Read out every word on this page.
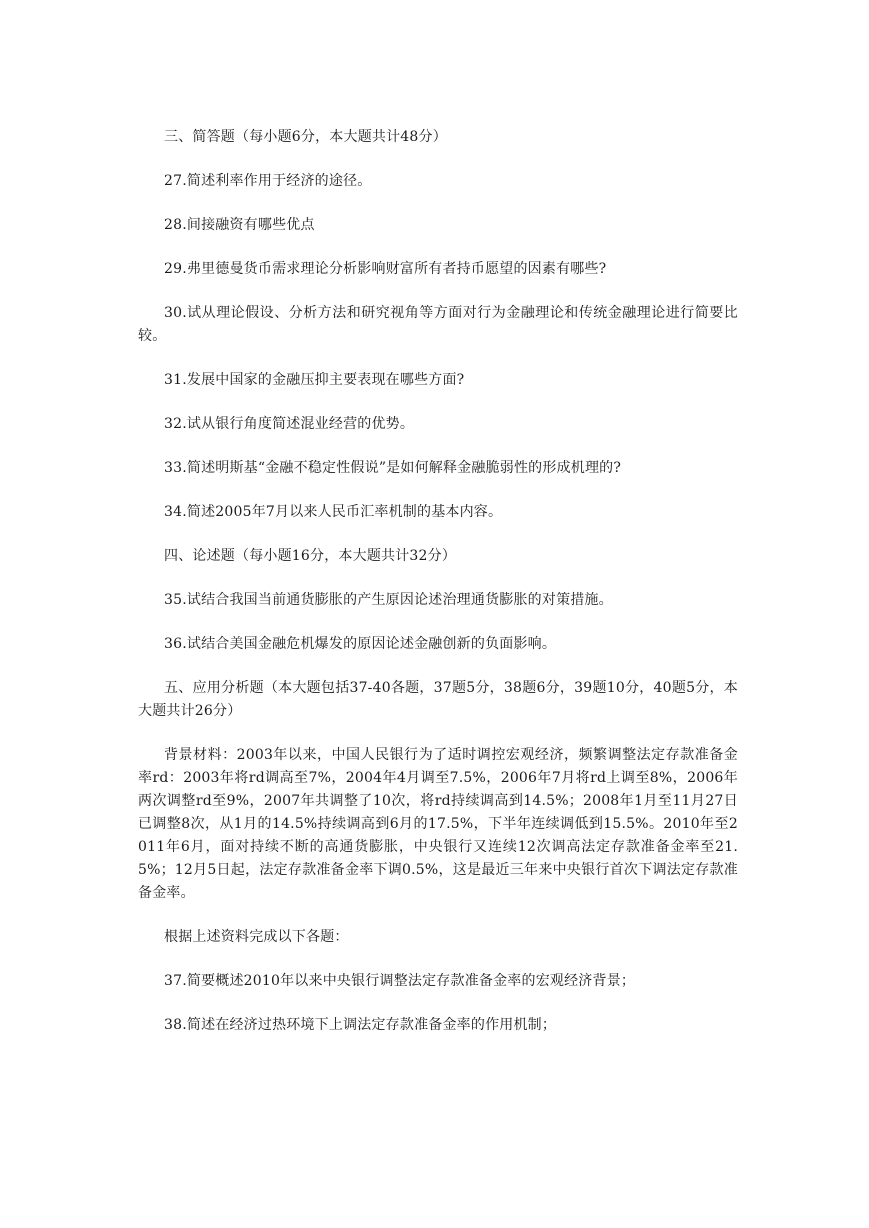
三、简答题（每小题6分，本大题共计48分）

27.简述利率作用于经济的途径。

28.间接融资有哪些优点

29.弗里德曼货币需求理论分析影响财富所有者持币愿望的因素有哪些?

30.试从理论假设、分析方法和研究视角等方面对行为金融理论和传统金融理论进行简要比较。

31.发展中国家的金融压抑主要表现在哪些方面?

32.试从银行角度简述混业经营的优势。

33.简述明斯基“金融不稳定性假说”是如何解释金融脆弱性的形成机理的?

34.简述2005年7月以来人民币汇率机制的基本内容。

四、论述题（每小题16分，本大题共计32分）

35.试结合我国当前通货膨胀的产生原因论述治理通货膨胀的对策措施。

36.试结合美国金融危机爆发的原因论述金融创新的负面影响。

五、应用分析题（本大题包括37-40各题，37题5分，38题6分，39题10分，40题5分，本大题共计26分）

背景材料：2003年以来，中国人民银行为了适时调控宏观经济，频繁调整法定存款准备金率rd：2003年将rd调高至7%，2004年4月调至7.5%，2006年7月将rd上调至8%，2006年两次调整rd至9%，2007年共调整了10次，将rd持续调高到14.5%；2008年1月至11月27日已调整8次，从1月的14.5%持续调高到6月的17.5%，下半年连续调低到15.5%。2010年至2011年6月，面对持续不断的高通货膨胀，中央银行又连续12次调高法定存款准备金率至21.5%；12月5日起，法定存款准备金率下调0.5%，这是最近三年来中央银行首次下调法定存款准备金率。

根据上述资料完成以下各题：

37.简要概述2010年以来中央银行调整法定存款准备金率的宏观经济背景；

38.简述在经济过热环境下上调法定存款准备金率的作用机制；
